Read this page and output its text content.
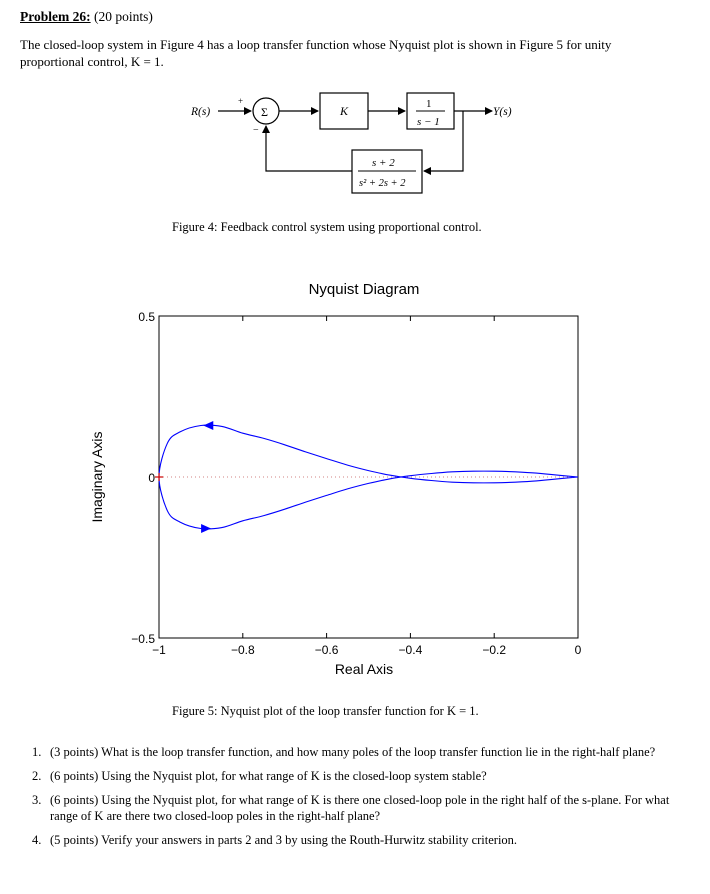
Problem 26: (20 points)
The closed-loop system in Figure 4 has a loop transfer function whose Nyquist plot is shown in Figure 5 for unity
proportional control, K = 1.
R(s)
+
Σ
−
K	1
s − 1
Y(s)
s + 2
s² + 2s + 2
Figure 4: Feedback control system using proportional control.
Nyquist Diagram
−1	−0.8	−0.6	−0.4	−0.2	0
−0.5
0
0.5
Real Axis
Imaginary Axis
Figure 5: Nyquist plot of the loop transfer function for K = 1.
1. (3 points) What is the loop transfer function, and how many poles of the loop transfer function lie in the right-half plane?
2. (6 points) Using the Nyquist plot, for what range of K is the closed-loop system stable?
3. (6 points) Using the Nyquist plot, for what range of K is there one closed-loop pole in the right half of the s-plane. For what range of K are there two closed-loop poles in the right-half plane?
4. (5 points) Verify your answers in parts 2 and 3 by using the Routh-Hurwitz stability criterion.
